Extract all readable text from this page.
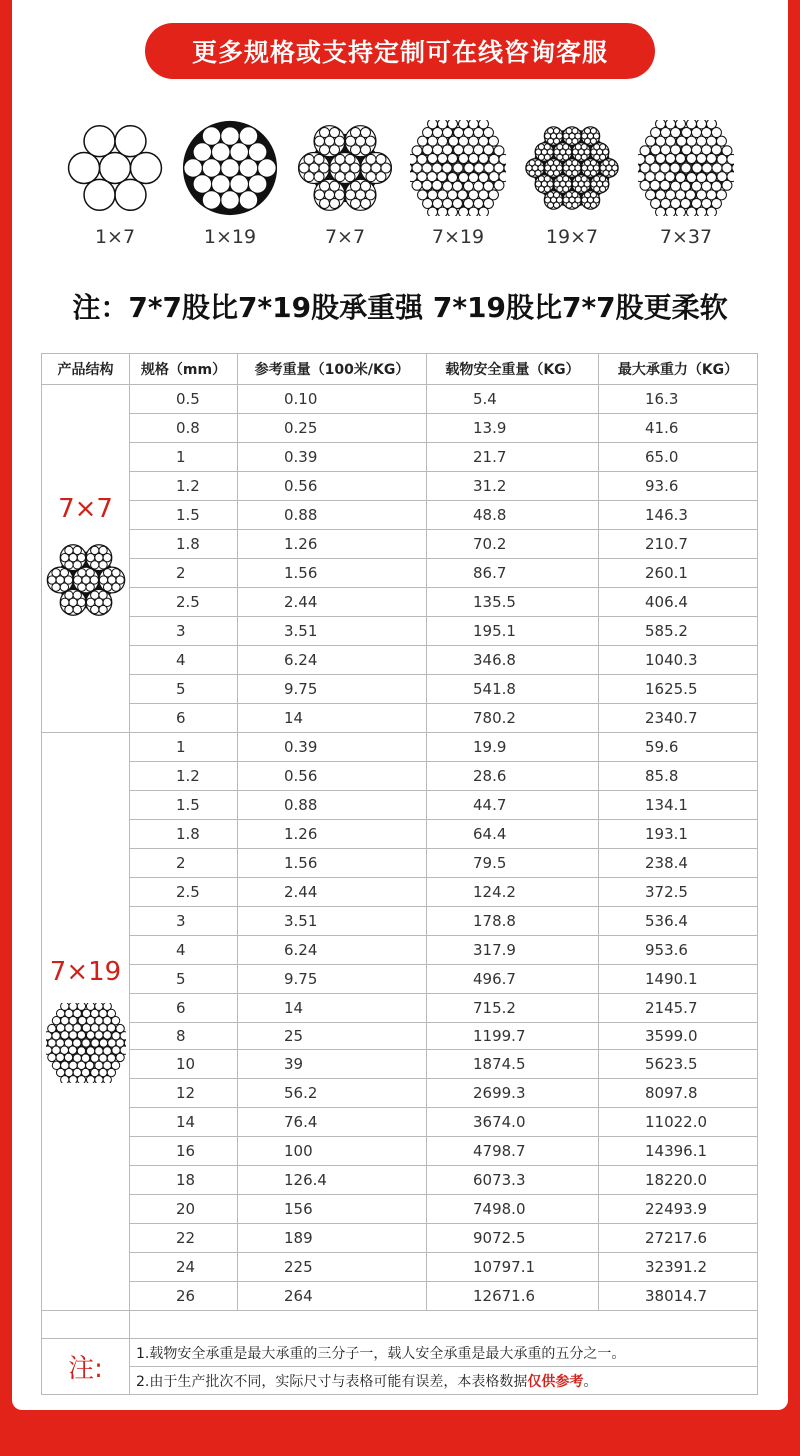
更多规格或支持定制可在线咨询客服
1×7	1×19	7×7	7×19	19×7	7×37
注：7*7股比7*19股承重强 7*19股比7*7股更柔软
产品结构	规格（mm）	参考重量（100米/KG）	载物安全重量（KG）	最大承重力（KG）

7×7	0.5	0.10	5.4	16.3
	0.8	0.25	13.9	41.6
	1	0.39	21.7	65.0
	1.2	0.56	31.2	93.6
	1.5	0.88	48.8	146.3
	1.8	1.26	70.2	210.7
	2	1.56	86.7	260.1
	2.5	2.44	135.5	406.4
	3	3.51	195.1	585.2
	4	6.24	346.8	1040.3
	5	9.75	541.8	1625.5
	6	14	780.2	2340.7

7×19	1	0.39	19.9	59.6
	1.2	0.56	28.6	85.8
	1.5	0.88	44.7	134.1
	1.8	1.26	64.4	193.1
	2	1.56	79.5	238.4
	2.5	2.44	124.2	372.5
	3	3.51	178.8	536.4
	4	6.24	317.9	953.6
	5	9.75	496.7	1490.1
	6	14	715.2	2145.7
	8	25	1199.7	3599.0
	10	39	1874.5	5623.5
	12	56.2	2699.3	8097.8
	14	76.4	3674.0	11022.0
	16	100	4798.7	14396.1
	18	126.4	6073.3	18220.0
	20	156	7498.0	22493.9
	22	189	9072.5	27217.6
	24	225	10797.1	32391.2
	26	264	12671.6	38014.7

注:	1.载物安全承重是最大承重的三分子一，载人安全承重是最大承重的五分之一。			
	2.由于生产批次不同，实际尺寸与表格可能有误差，本表格数据仅供参考。			
